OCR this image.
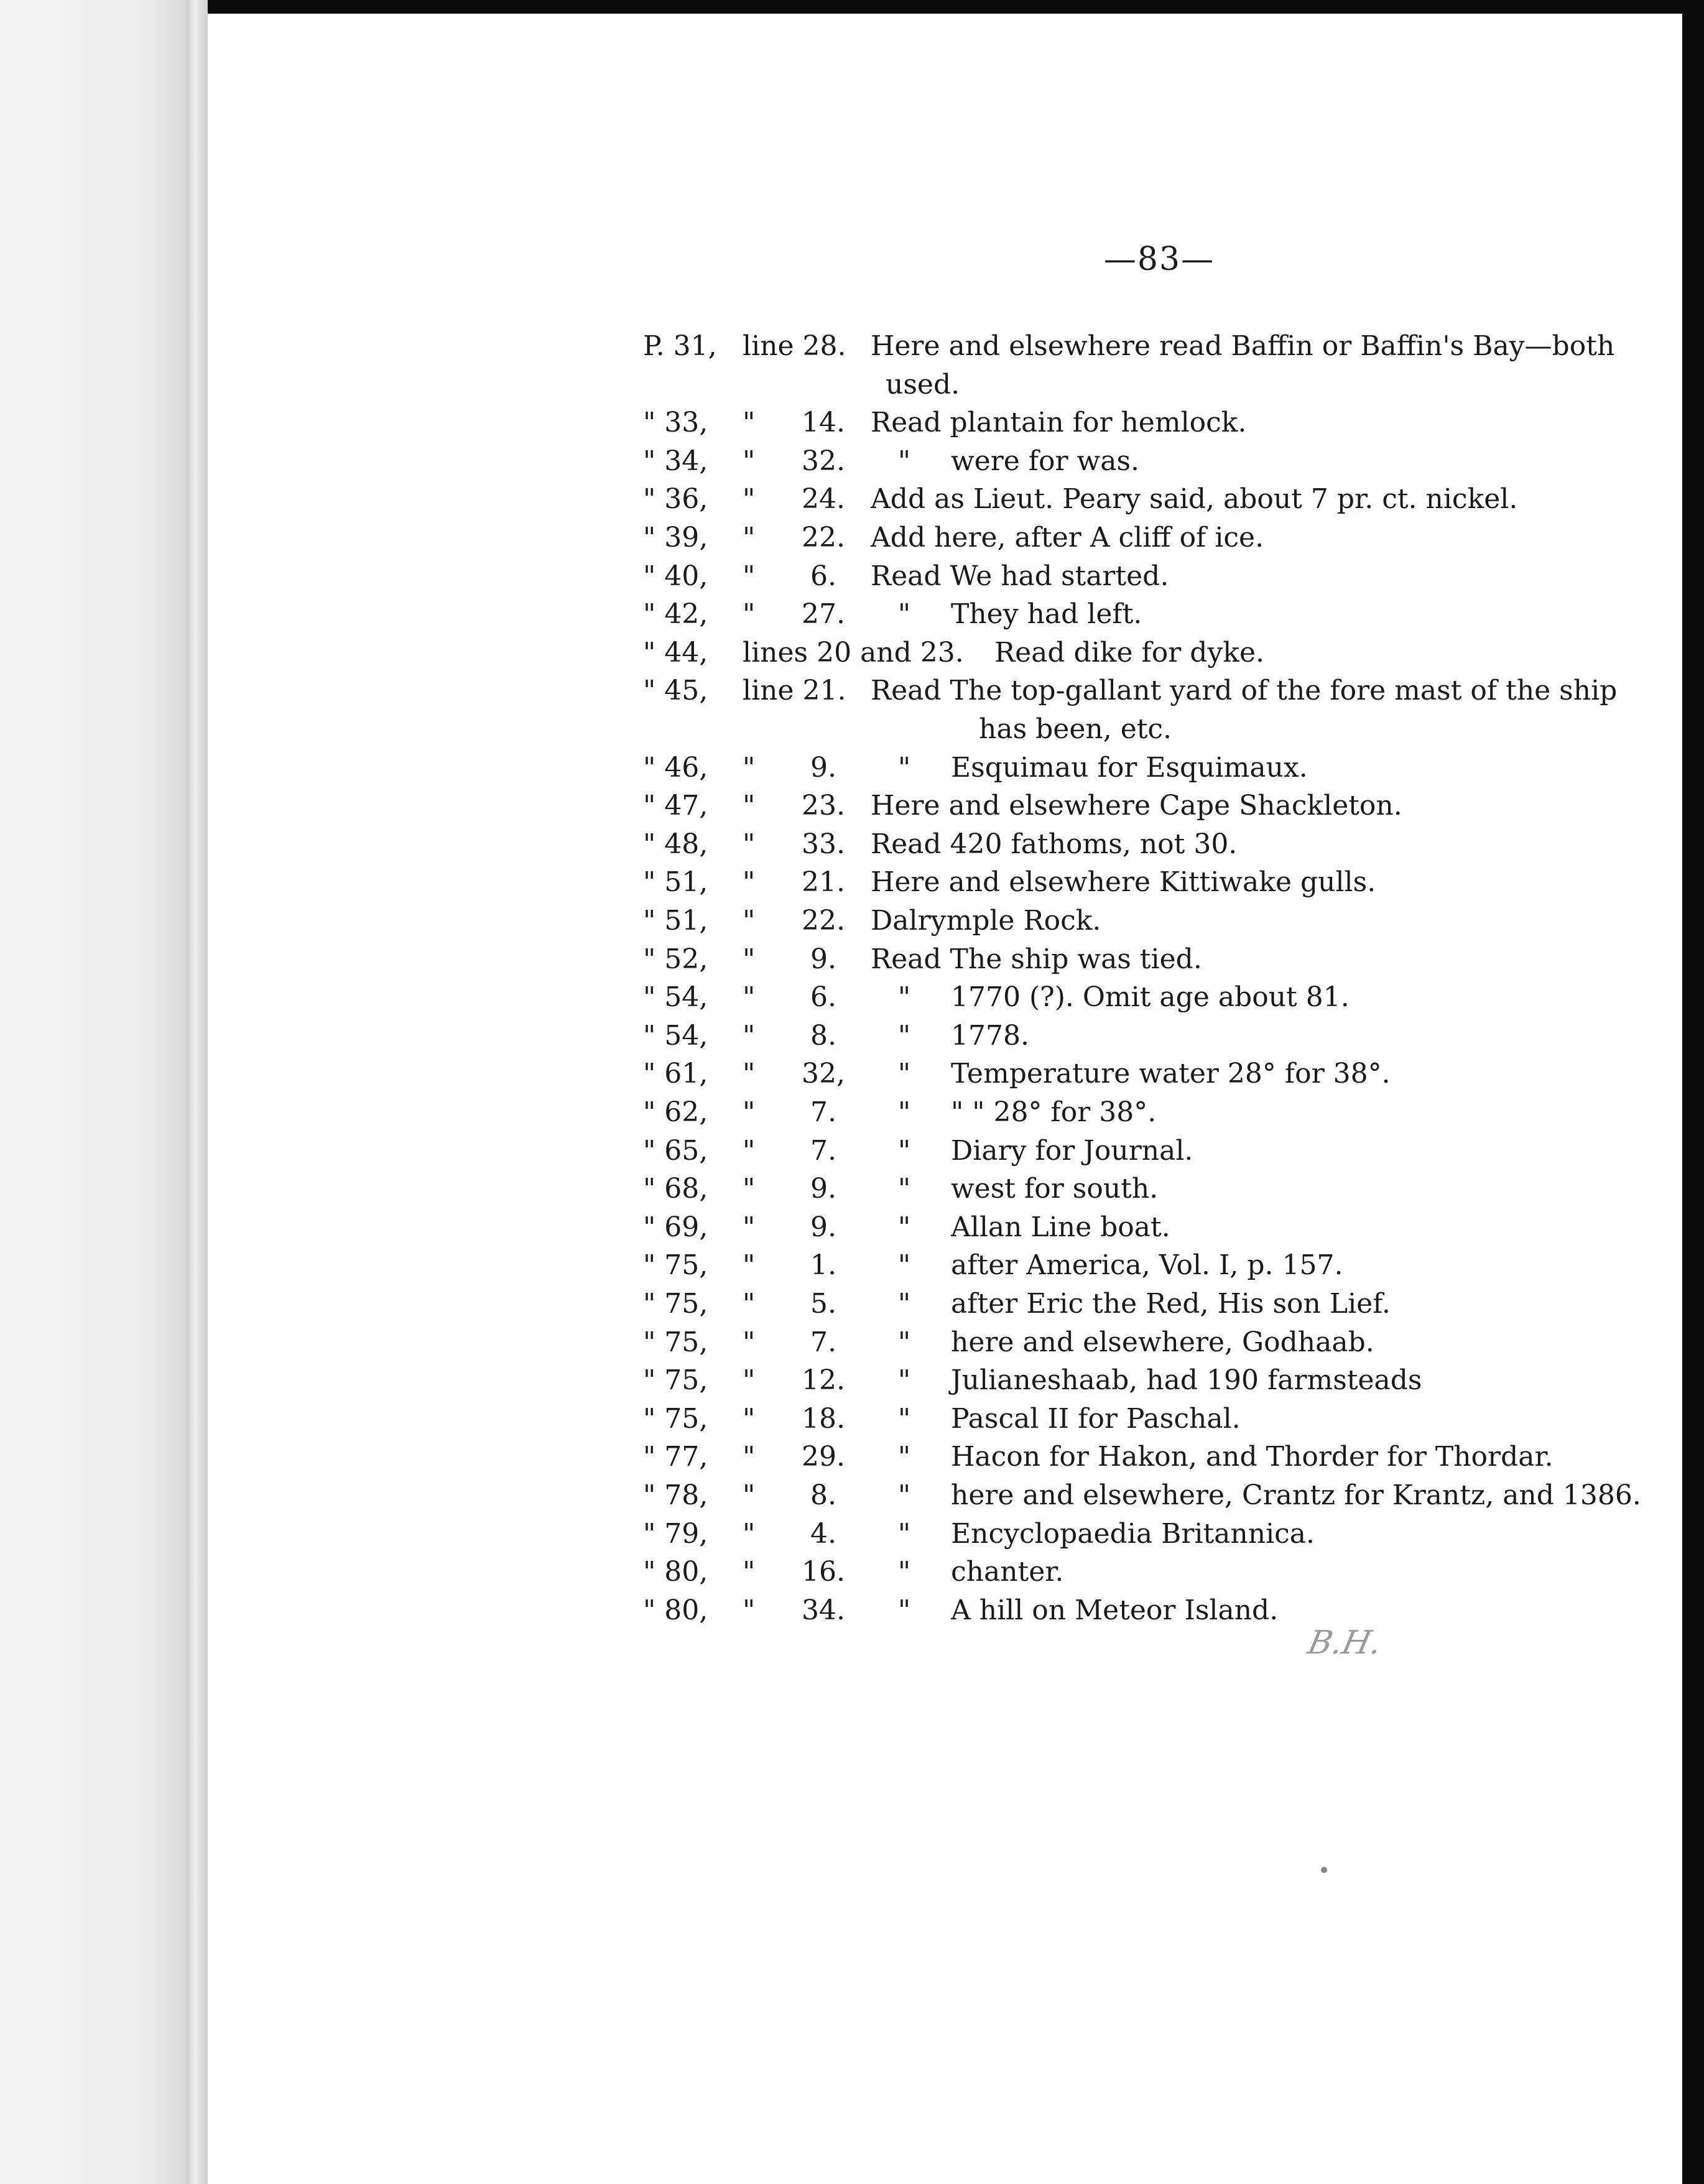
—83—
P. 31, line 28. Here and elsewhere read Baffin or Baffin's Bay—both
used.
" 33,	" 14. Read plantain for hemlock.
" 34,	" 32. " were for was.
" 36,	" 24. Add as Lieut. Peary said, about 7 pr. ct. nickel.
" 39,	" 22. Add here, after A cliff of ice.
" 40,	"	6.	Read We had started.
" 42,	" 27. " They had left.
" 44,	lines 20 and 23. Read dike for dyke.
" 45,	line 21. Read The top-gallant yard of the fore mast of the ship
has been, etc.
" 46,	"	9.	" Esquimau for Esquimaux.
" 47,	" 23. Here and elsewhere Cape Shackleton.
" 48,	" 33. Read 420 fathoms, not 30.
" 51,	" 21. Here and elsewhere Kittiwake gulls.
" 51,	" 22. Dalrymple Rock.
" 52,	"	9.	Read The ship was tied.
" 54,	"	6.	" 1770 (?). Omit age about 81.
" 54,	"	8.	" 1778.
" 61,	" 32, " Temperature water 28° for 38°.
" 62,	"	7.	" " " 28° for 38°.
" 65,	"	7.	" Diary for Journal.
" 68,	"	9.	" west for south.
" 69,	"	9.	" Allan Line boat.
" 75,	"	1.	" after America, Vol. I, p. 157.
" 75,	"	5.	" after Eric the Red, His son Lief.
" 75,	"	7.	" here and elsewhere, Godhaab.
" 75,	" 12. " Julianeshaab, had 190 farmsteads
" 75,	" 18. " Pascal II for Paschal.
" 77,	" 29. " Hacon for Hakon, and Thorder for Thordar.
" 78,	"	8.	" here and elsewhere, Crantz for Krantz, and 1386.
" 79,	"	4.	" Encyclopaedia Britannica.
" 80,	" 16. " chanter.
" 80,	" 34. " A hill on Meteor Island.
B.H.
